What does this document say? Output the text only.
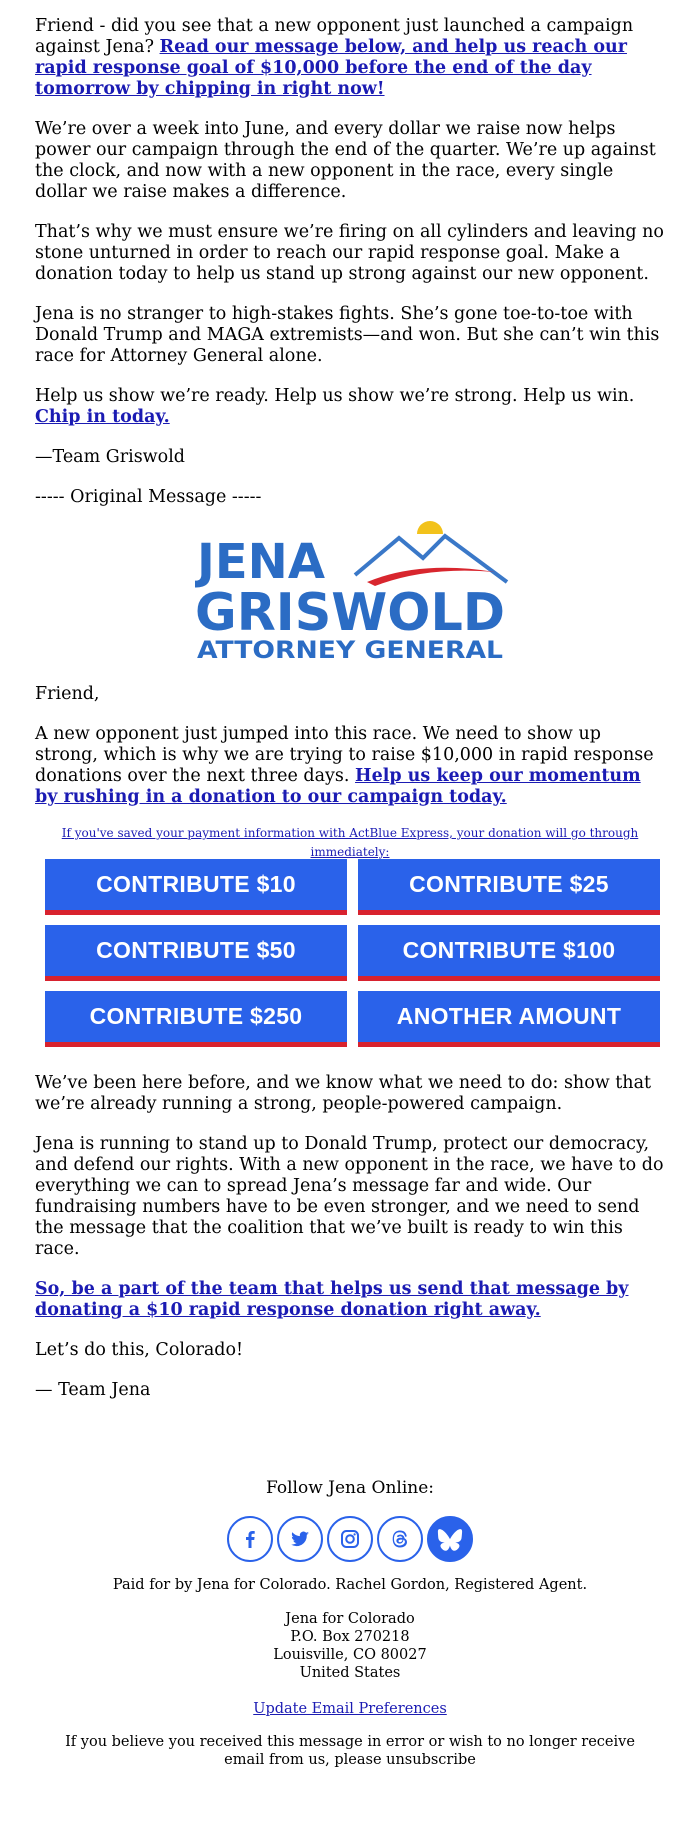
Friend - did you see that a new opponent just launched a campaign against Jena? Read our message below, and help us reach our rapid response goal of $10,000 before the end of the day tomorrow by chipping in right now!

We’re over a week into June, and every dollar we raise now helps power our campaign through the end of the quarter. We’re up against the clock, and now with a new opponent in the race, every single dollar we raise makes a difference.

That’s why we must ensure we’re firing on all cylinders and leaving no stone unturned in order to reach our rapid response goal. Make a donation today to help us stand up strong against our new opponent.

Jena is no stranger to high-stakes fights. She’s gone toe-to-toe with Donald Trump and MAGA extremists—and won. But she can’t win this race for Attorney General alone.

Help us show we’re ready. Help us show we’re strong. Help us win. Chip in today.

—Team Griswold

----- Original Message -----

JENA
GRISWOLD
ATTORNEY GENERAL

Friend,

A new opponent just jumped into this race. We need to show up strong, which is why we are trying to raise $10,000 in rapid response donations over the next three days. Help us keep our momentum by rushing in a donation to our campaign today.

If you've saved your payment information with ActBlue Express, your donation will go through immediately:
CONTRIBUTE $10	CONTRIBUTE $25
CONTRIBUTE $50	CONTRIBUTE $100
CONTRIBUTE $250	ANOTHER AMOUNT

We’ve been here before, and we know what we need to do: show that we’re already running a strong, people-powered campaign.

Jena is running to stand up to Donald Trump, protect our democracy, and defend our rights. With a new opponent in the race, we have to do everything we can to spread Jena’s message far and wide. Our fundraising numbers have to be even stronger, and we need to send the message that the coalition that we’ve built is ready to win this race.

So, be a part of the team that helps us send that message by donating a $10 rapid response donation right away.

Let’s do this, Colorado!

— Team Jena

Follow Jena Online:
Paid for by Jena for Colorado. Rachel Gordon, Registered Agent.
Jena for Colorado
P.O. Box 270218
Louisville, CO 80027
United States
Update Email Preferences
If you believe you received this message in error or wish to no longer receive email from us, please unsubscribe
